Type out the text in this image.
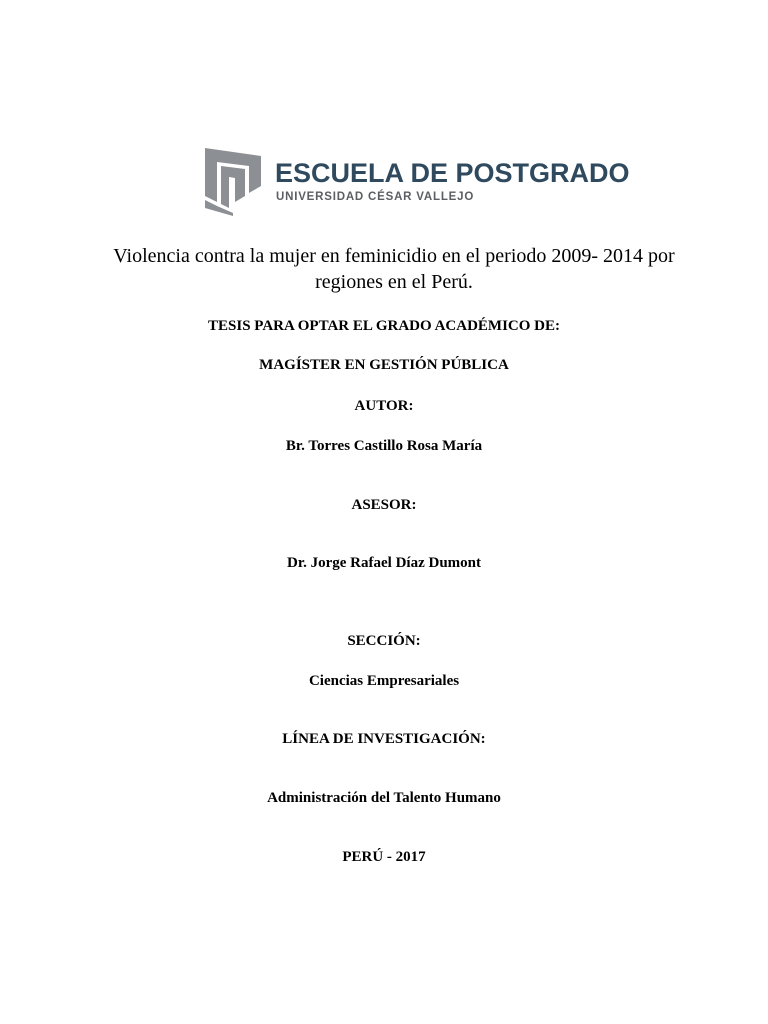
ESCUELA DE POSTGRADO
UNIVERSIDAD CÉSAR VALLEJO
Violencia contra la mujer en feminicidio en el periodo 2009- 2014 por regiones en el Perú.
TESIS PARA OPTAR EL GRADO ACADÉMICO DE:
MAGÍSTER EN GESTIÓN PÚBLICA
AUTOR:
Br. Torres Castillo Rosa María
ASESOR:
Dr. Jorge Rafael Díaz Dumont
SECCIÓN:
Ciencias Empresariales
LÍNEA DE INVESTIGACIÓN:
Administración del Talento Humano
PERÚ - 2017
